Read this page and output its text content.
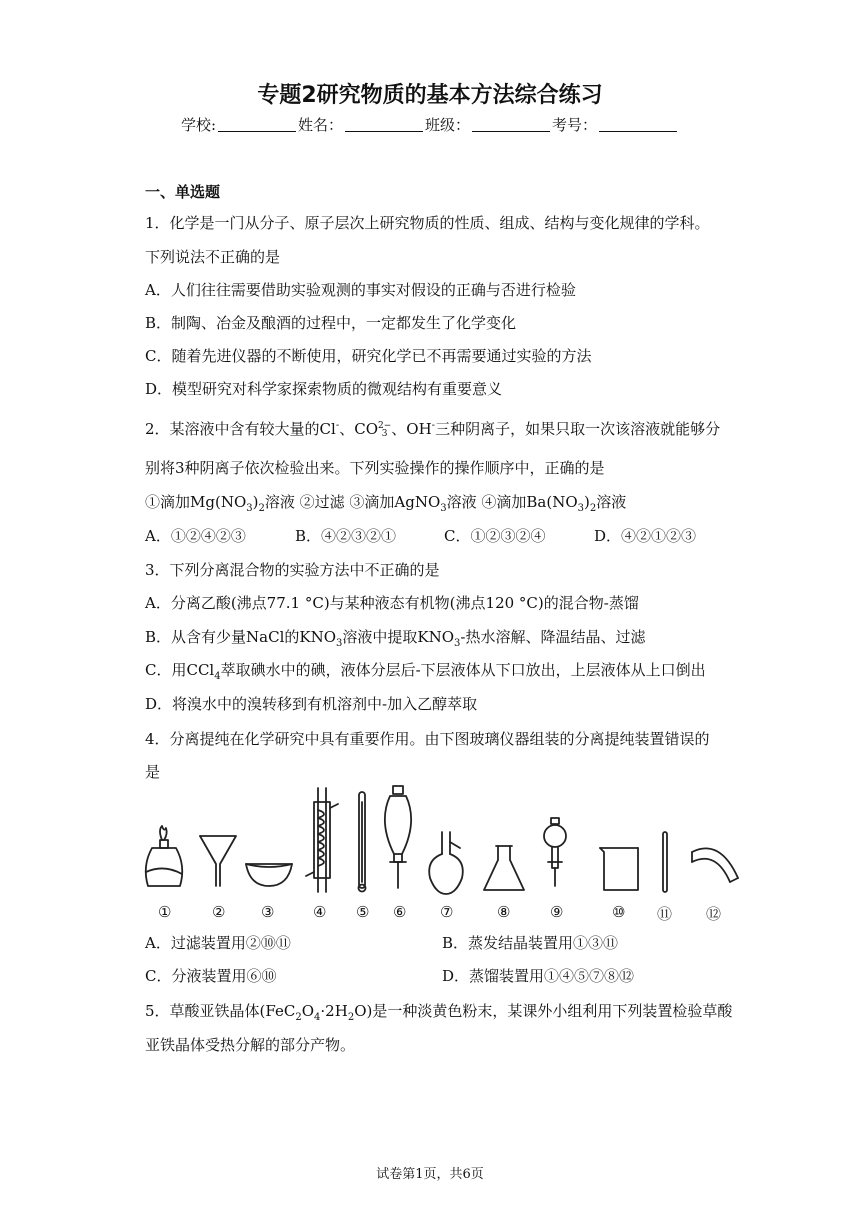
专题2研究物质的基本方法综合练习
学校:	姓名：	班级：	考号：
一、单选题
1．化学是一门从分子、原子层次上研究物质的性质、组成、结构与变化规律的学科。
下列说法不正确的是
A．人们往往需要借助实验观测的事实对假设的正确与否进行检验
B．制陶、冶金及酿酒的过程中，一定都发生了化学变化
C．随着先进仪器的不断使用，研究化学已不再需要通过实验的方法
D．模型研究对科学家探索物质的微观结构有重要意义
2．某溶液中含有较大量的Cl-、CO2−
3 、OH-三种阴离子，如果只取一次该溶液就能够分
别将3种阴离子依次检验出来。下列实验操作的操作顺序中，正确的是
①滴加$Mg(NO_3)_2$溶液 ②过滤 ③滴加AgNO$_3$溶液 ④滴加$Ba(NO_3)_2$溶液
A．①②④②③	B．④②③②①	C．①②③②④	D．④②①②③
3．下列分离混合物的实验方法中不正确的是
A．分离乙酸(沸点77.1 °C)与某种液态有机物(沸点120 °C)的混合物-蒸馏
B．从含有少量NaCl的$KNO_3$溶液中提取$KNO_3-$热水溶解、降温结晶、过滤
C．用CCl$_4$萃取碘水中的碘，液体分层后-下层液体从下口放出，上层液体从上口倒出
D．将溴水中的溴转移到有机溶剂中-加入乙醇萃取
4．分离提纯在化学研究中具有重要作用。由下图玻璃仪器组装的分离提纯装置错误的
是
①	② ③	④ ⑤ ⑥ ⑦	⑧	⑨	⑩ ⑪ ⑫
A．过滤装置用②⑩⑪	B．蒸发结晶装置用①③⑪
C．分液装置用⑥⑩	D．蒸馏装置用①④⑤⑦⑧⑫
5．草酸亚铁晶体$(FeC_2O_4\cdot 2H_2O)$是一种淡黄色粉末，某课外小组利用下列装置检验草酸
亚铁晶体受热分解的部分产物。
试卷第1页，共6页
